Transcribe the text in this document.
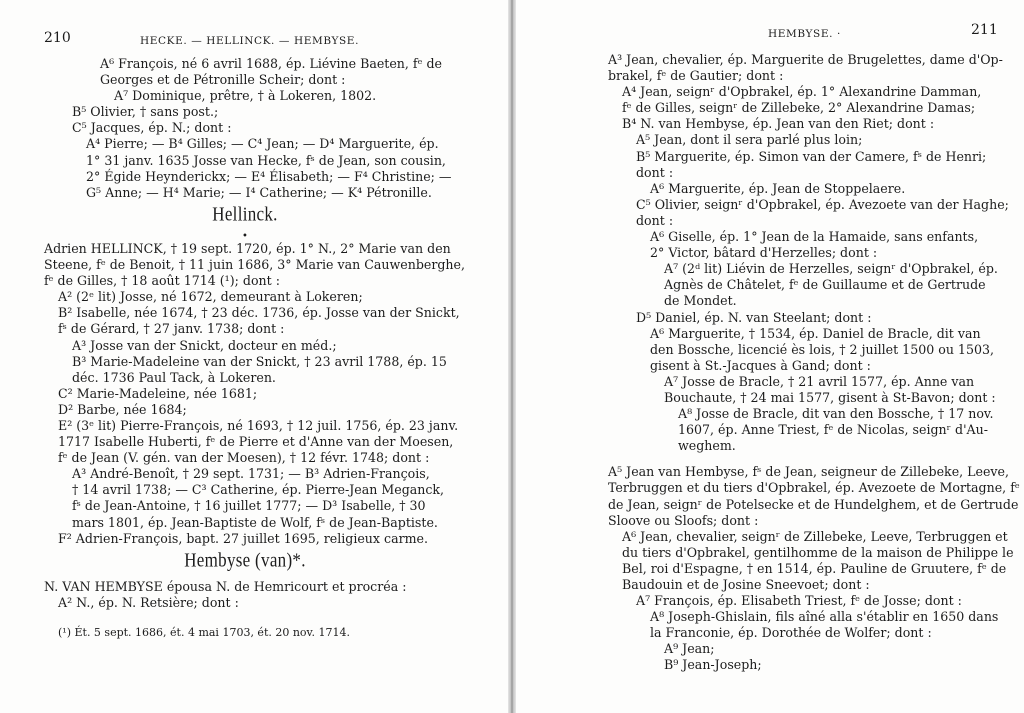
210	HECKE. — HELLINCK. — HEMBYSE.

A⁶ François, né 6 avril 1688, ép. Liévine Baeten, fᵉ de

Georges et de Pétronille Scheir; dont :

A⁷ Dominique, prêtre, † à Lokeren, 1802.

B⁵ Olivier, † sans post.;

C⁵ Jacques, ép. N.; dont :

A⁴ Pierre; — B⁴ Gilles; — C⁴ Jean; — D⁴ Marguerite, ép.

1° 31 janv. 1635 Josse van Hecke, fˢ de Jean, son cousin,

2° Égide Heynderickx; — E⁴ Élisabeth; — F⁴ Christine; —

G⁵ Anne; — H⁴ Marie; — I⁴ Catherine; — K⁴ Pétronille.

Hellinck.
•

Adrien HELLINCK, † 19 sept. 1720, ép. 1° N., 2° Marie van den

Steene, fᵉ de Benoit, † 11 juin 1686, 3° Marie van Cauwenberghe,

fᵉ de Gilles, † 18 août 1714 (¹); dont :

A² (2ᵉ lit) Josse, né 1672, demeurant à Lokeren;

B² Isabelle, née 1674, † 23 déc. 1736, ép. Josse van der Snickt,

fˢ de Gérard, † 27 janv. 1738; dont :

A³ Josse van der Snickt, docteur en méd.;

B³ Marie-Madeleine van der Snickt, † 23 avril 1788, ép. 15

déc. 1736 Paul Tack, à Lokeren.

C² Marie-Madeleine, née 1681;

D² Barbe, née 1684;

E² (3ᵉ lit) Pierre-François, né 1693, † 12 juil. 1756, ép. 23 janv.

1717 Isabelle Huberti, fᵉ de Pierre et d'Anne van der Moesen,

fᵉ de Jean (V. gén. van der Moesen), † 12 févr. 1748; dont :

A³ André-Benoît, † 29 sept. 1731; — B³ Adrien-François,

† 14 avril 1738; — C³ Catherine, ép. Pierre-Jean Meganck,

fˢ de Jean-Antoine, † 16 juillet 1777; — D³ Isabelle, † 30

mars 1801, ép. Jean-Baptiste de Wolf, fˢ de Jean-Baptiste.

F² Adrien-François, bapt. 27 juillet 1695, religieux carme.

Hembyse (van)*.

N. VAN HEMBYSE épousa N. de Hemricourt et procréa :

A² N., ép. N. Retsière; dont :

(¹) Ét. 5 sept. 1686, ét. 4 mai 1703, ét. 20 nov. 1714.
HEMBYSE. ·	211

A³ Jean, chevalier, ép. Marguerite de Brugelettes, dame d'Op-

brakel, fᵉ de Gautier; dont :

A⁴ Jean, seignʳ d'Opbrakel, ép. 1° Alexandrine Damman,

fᵉ de Gilles, seignʳ de Zillebeke, 2° Alexandrine Damas;

B⁴ N. van Hembyse, ép. Jean van den Riet; dont :

A⁵ Jean, dont il sera parlé plus loin;

B⁵ Marguerite, ép. Simon van der Camere, fˢ de Henri;

dont :

A⁶ Marguerite, ép. Jean de Stoppelaere.

C⁵ Olivier, seignʳ d'Opbrakel, ép. Avezoete van der Haghe;

dont :

A⁶ Giselle, ép. 1° Jean de la Hamaide, sans enfants,

2° Victor, bâtard d'Herzelles; dont :

A⁷ (2ᵈ lit) Liévin de Herzelles, seignʳ d'Opbrakel, ép.

Agnès de Châtelet, fᵉ de Guillaume et de Gertrude

de Mondet.

D⁵ Daniel, ép. N. van Steelant; dont :

A⁶ Marguerite, † 1534, ép. Daniel de Bracle, dit van

den Bossche, licencié ès lois, † 2 juillet 1500 ou 1503,

gisent à St.-Jacques à Gand; dont :

A⁷ Josse de Bracle, † 21 avril 1577, ép. Anne van

Bouchaute, † 24 mai 1577, gisent à St-Bavon; dont :

A⁸ Josse de Bracle, dit van den Bossche, † 17 nov.

1607, ép. Anne Triest, fᵉ de Nicolas, seignʳ d'Au-

weghem.

A⁵ Jean van Hembyse, fˢ de Jean, seigneur de Zillebeke, Leeve,

Terbruggen et du tiers d'Opbrakel, ép. Avezoete de Mortagne, fᵉ

de Jean, seignʳ de Potelsecke et de Hundelghem, et de Gertrude

Sloove ou Sloofs; dont :

A⁶ Jean, chevalier, seignʳ de Zillebeke, Leeve, Terbruggen et

du tiers d'Opbrakel, gentilhomme de la maison de Philippe le

Bel, roi d'Espagne, † en 1514, ép. Pauline de Gruutere, fᵉ de

Baudouin et de Josine Sneevoet; dont :

A⁷ François, ép. Elisabeth Triest, fᵉ de Josse; dont :

A⁸ Joseph-Ghislain, fils aîné alla s'établir en 1650 dans

la Franconie, ép. Dorothée de Wolfer; dont :

A⁹ Jean;

B⁹ Jean-Joseph;
